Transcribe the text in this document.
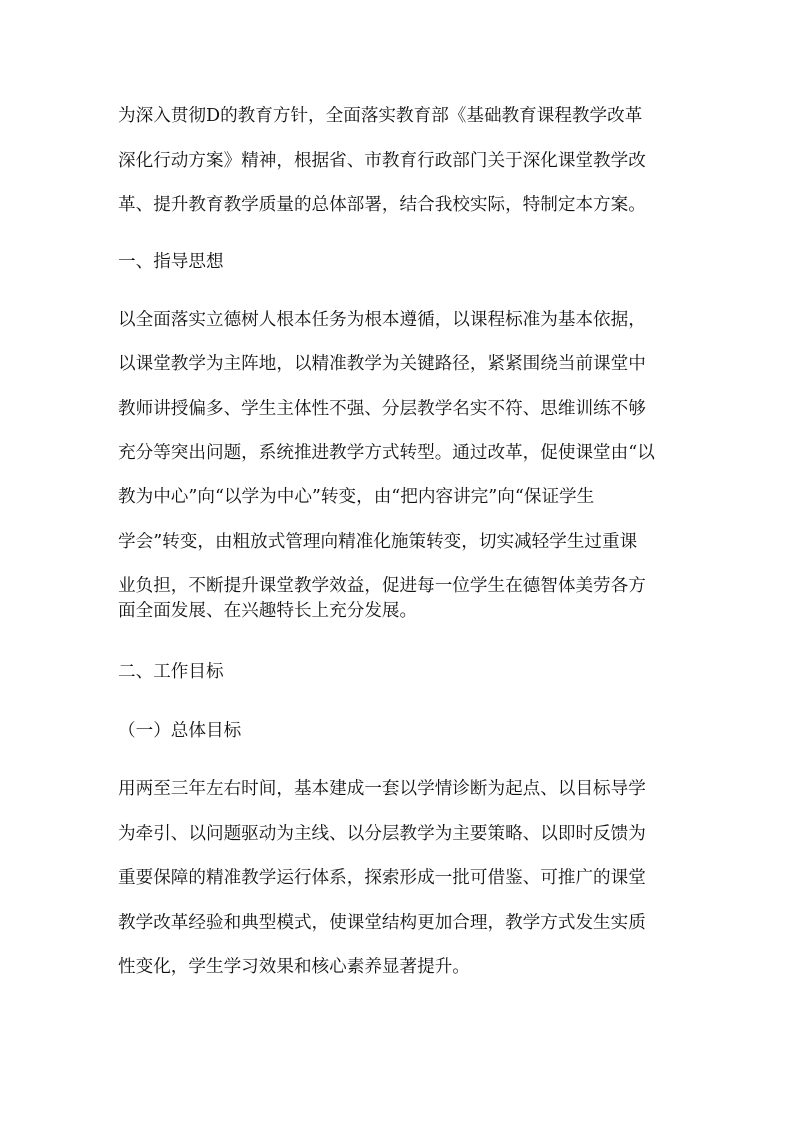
为深入贯彻D的教育方针，全面落实教育部《基础教育课程教学改革

深化行动方案》精神，根据省、市教育行政部门关于深化课堂教学改

革、提升教育教学质量的总体部署，结合我校实际，特制定本方案。

一、指导思想

以全面落实立德树人根本任务为根本遵循，以课程标准为基本依据，

以课堂教学为主阵地，以精准教学为关键路径，紧紧围绕当前课堂中

教师讲授偏多、学生主体性不强、分层教学名实不符、思维训练不够

充分等突出问题，系统推进教学方式转型。通过改革，促使课堂由“以

教为中心”向“以学为中心”转变，由“把内容讲完”向“保证学生

学会”转变，由粗放式管理向精准化施策转变，切实减轻学生过重课

业负担，不断提升课堂教学效益，促进每一位学生在德智体美劳各方

面全面发展、在兴趣特长上充分发展。

二、工作目标

（一）总体目标

用两至三年左右时间，基本建成一套以学情诊断为起点、以目标导学

为牵引、以问题驱动为主线、以分层教学为主要策略、以即时反馈为

重要保障的精准教学运行体系，探索形成一批可借鉴、可推广的课堂

教学改革经验和典型模式，使课堂结构更加合理，教学方式发生实质

性变化，学生学习效果和核心素养显著提升。
